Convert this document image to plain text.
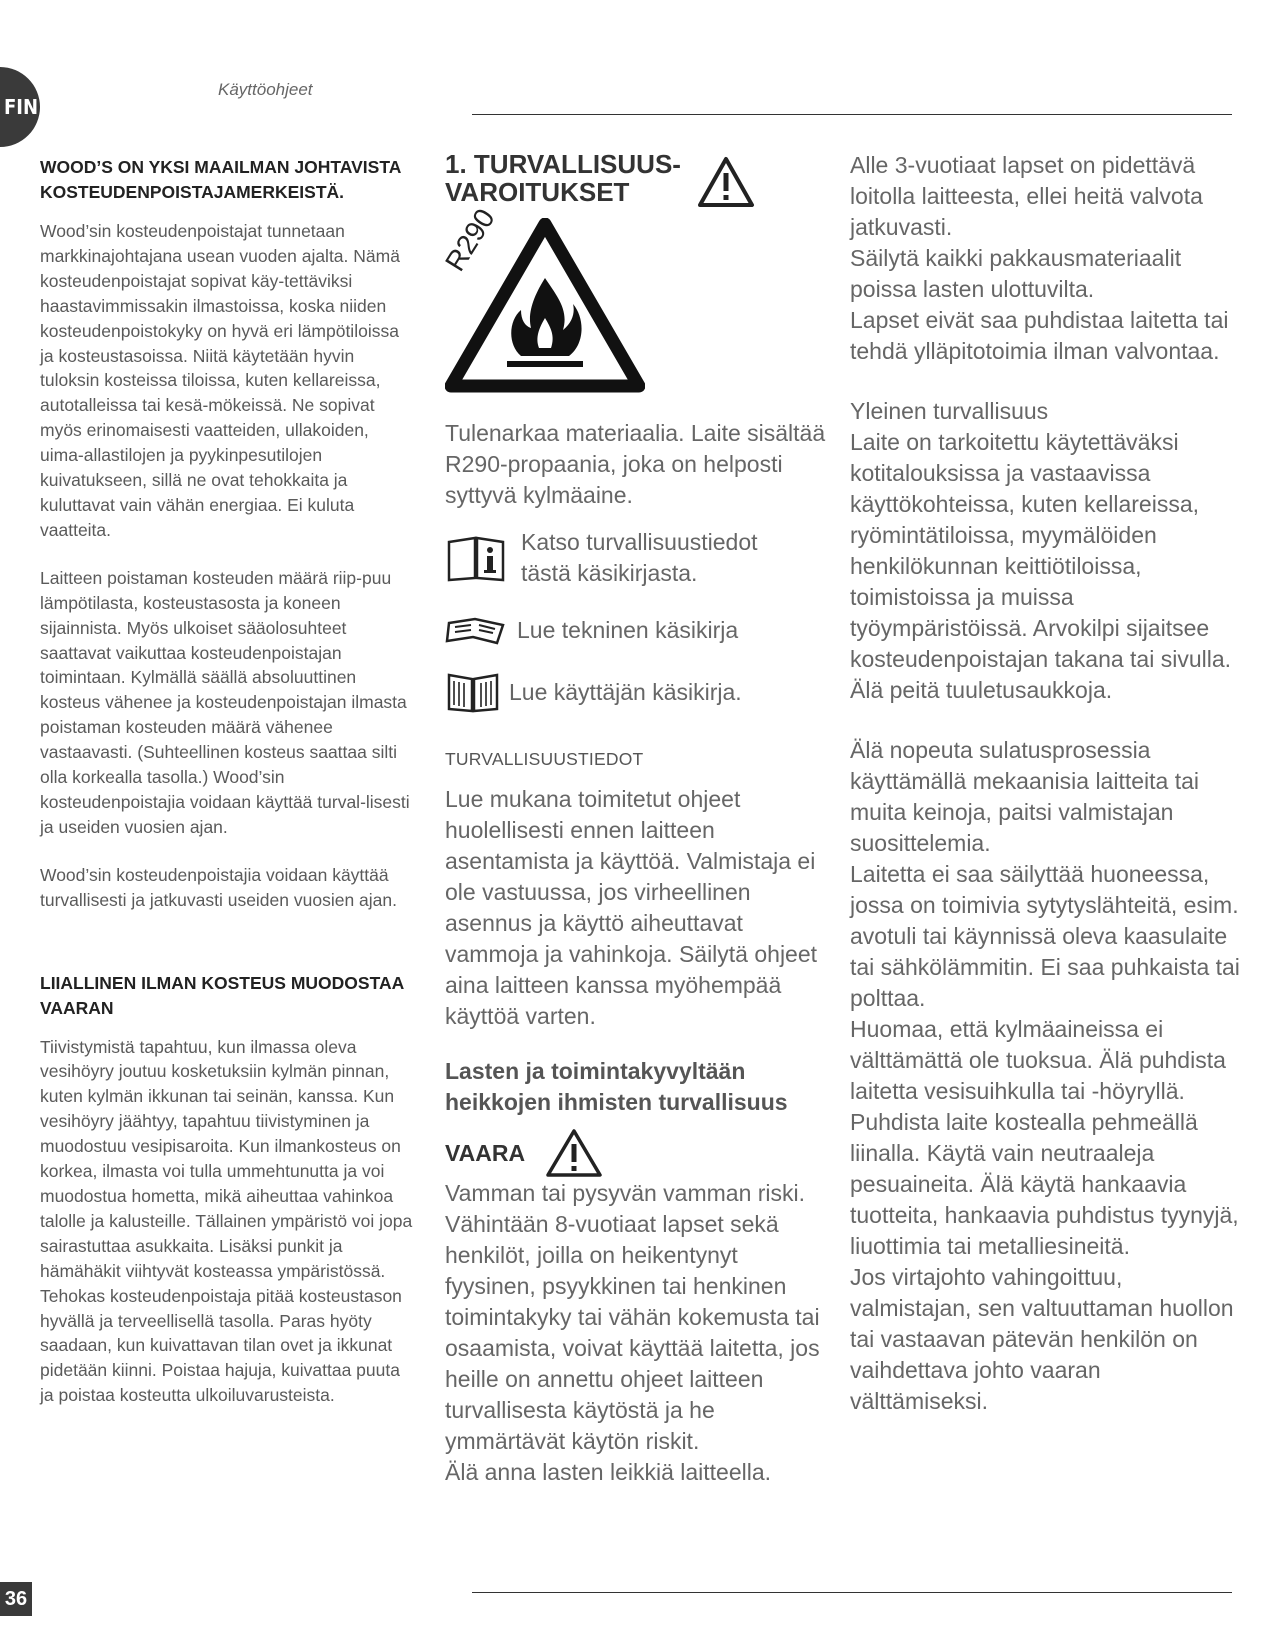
FIN
Käyttöohjeet
WOOD’S ON YKSI MAAILMAN JOHTAVISTA KOSTEUDENPOISTAJAMERKEISTÄ.

Wood’sin kosteudenpoistajat tunnetaan markkinajohtajana usean vuoden ajalta. Nämä kosteudenpoistajat sopivat käy-tettäviksi haastavimmissakin ilmastoissa, koska niiden kosteudenpoistokyky on hyvä eri lämpötiloissa ja kosteustasoissa. Niitä käytetään hyvin tuloksin kosteissa tiloissa, kuten kellareissa, autotalleissa tai kesä-mökeissä. Ne sopivat myös erinomaisesti vaatteiden, ullakoiden, uima-allastilojen ja pyykinpesutilojen kuivatukseen, sillä ne ovat tehokkaita ja kuluttavat vain vähän energiaa. Ei kuluta vaatteita.

Laitteen poistaman kosteuden määrä riip-puu lämpötilasta, kosteustasosta ja koneen sijainnista. Myös ulkoiset sääolosuhteet saattavat vaikuttaa kosteudenpoistajan toimintaan. Kylmällä säällä absoluuttinen kosteus vähenee ja kosteudenpoistajan ilmasta poistaman kosteuden määrä vähenee vastaavasti. (Suhteellinen kosteus saattaa silti olla korkealla tasolla.) Wood’sin kosteudenpoistajia voidaan käyttää turval-lisesti ja useiden vuosien ajan.

Wood’sin kosteudenpoistajia voidaan käyttää turvallisesti ja jatkuvasti useiden vuosien ajan.

LIIALLINEN ILMAN KOSTEUS MUODOSTAA VAARAN

Tiivistymistä tapahtuu, kun ilmassa oleva vesihöyry joutuu kosketuksiin kylmän pinnan, kuten kylmän ikkunan tai seinän, kanssa. Kun vesihöyry jäähtyy, tapahtuu tiivistyminen ja muodostuu vesipisaroita. Kun ilmankosteus on korkea, ilmasta voi tulla ummehtunutta ja voi muodostua hometta, mikä aiheuttaa vahinkoa talolle ja kalusteille. Tällainen ympäristö voi jopa sairastuttaa asukkaita. Lisäksi punkit ja hämähäkit viihtyvät kosteassa ympäristössä. Tehokas kosteudenpoistaja pitää kosteustason hyvällä ja terveellisellä tasolla. Paras hyöty saadaan, kun kuivattavan tilan ovet ja ikkunat pidetään kiinni. Poistaa hajuja, kuivattaa puuta ja poistaa kosteutta ulkoiluvarusteista.

1. TURVALLISUUS-
VAROITUKSET
R290

Tulenarkaa materiaalia. Laite sisältää R290-propaania, joka on helposti syttyvä kylmäaine.

Katso turvallisuustiedot
tästä käsikirjasta.
Lue tekninen käsikirja
Lue käyttäjän käsikirja.
TURVALLISUUSTIEDOT

Lue mukana toimitetut ohjeet huolellisesti ennen laitteen asentamista ja käyttöä. Valmistaja ei ole vastuussa, jos virheellinen asennus ja käyttö aiheuttavat vammoja ja vahinkoja. Säilytä ohjeet aina laitteen kanssa myöhempää käyttöä varten.

Lasten ja toimintakyvyltään heikkojen ihmisten turvallisuus
VAARA

Vamman tai pysyvän vamman riski. Vähintään 8-vuotiaat lapset sekä henkilöt, joilla on heikentynyt fyysinen, psyykkinen tai henkinen toimintakyky tai vähän kokemusta tai osaamista, voivat käyttää laitetta, jos heille on annettu ohjeet laitteen turvallisesta käytöstä ja he ymmärtävät käytön riskit.

Älä anna lasten leikkiä laitteella.

Alle 3-vuotiaat lapset on pidettävä loitolla laitteesta, ellei heitä valvota jatkuvasti.

Säilytä kaikki pakkausmateriaalit poissa lasten ulottuvilta.

Lapset eivät saa puhdistaa laitetta tai tehdä ylläpitotoimia ilman valvontaa.

Yleinen turvallisuus

Laite on tarkoitettu käytettäväksi kotitalouksissa ja vastaavissa käyttökohteissa, kuten kellareissa, ryömintätiloissa, myymälöiden henkilökunnan keittiötiloissa, toimistoissa ja muissa työympäristöissä. Arvokilpi sijaitsee kosteudenpoistajan takana tai sivulla.

Älä peitä tuuletusaukkoja.

Älä nopeuta sulatusprosessia käyttämällä mekaanisia laitteita tai muita keinoja, paitsi valmistajan suosittelemia.

Laitetta ei saa säilyttää huoneessa, jossa on toimivia sytytyslähteitä, esim. avotuli tai käynnissä oleva kaasulaite tai sähkölämmitin. Ei saa puhkaista tai polttaa.

Huomaa, että kylmäaineissa ei välttämättä ole tuoksua. Älä puhdista laitetta vesisuihkulla tai -höyryllä. Puhdista laite kostealla pehmeällä liinalla. Käytä vain neutraaleja pesuaineita. Älä käytä hankaavia tuotteita, hankaavia puhdistus tyynyjä, liuottimia tai metalliesineitä.

Jos virtajohto vahingoittuu, valmistajan, sen valtuuttaman huollon tai vastaavan pätevän henkilön on vaihdettava johto vaaran välttämiseksi.

36
